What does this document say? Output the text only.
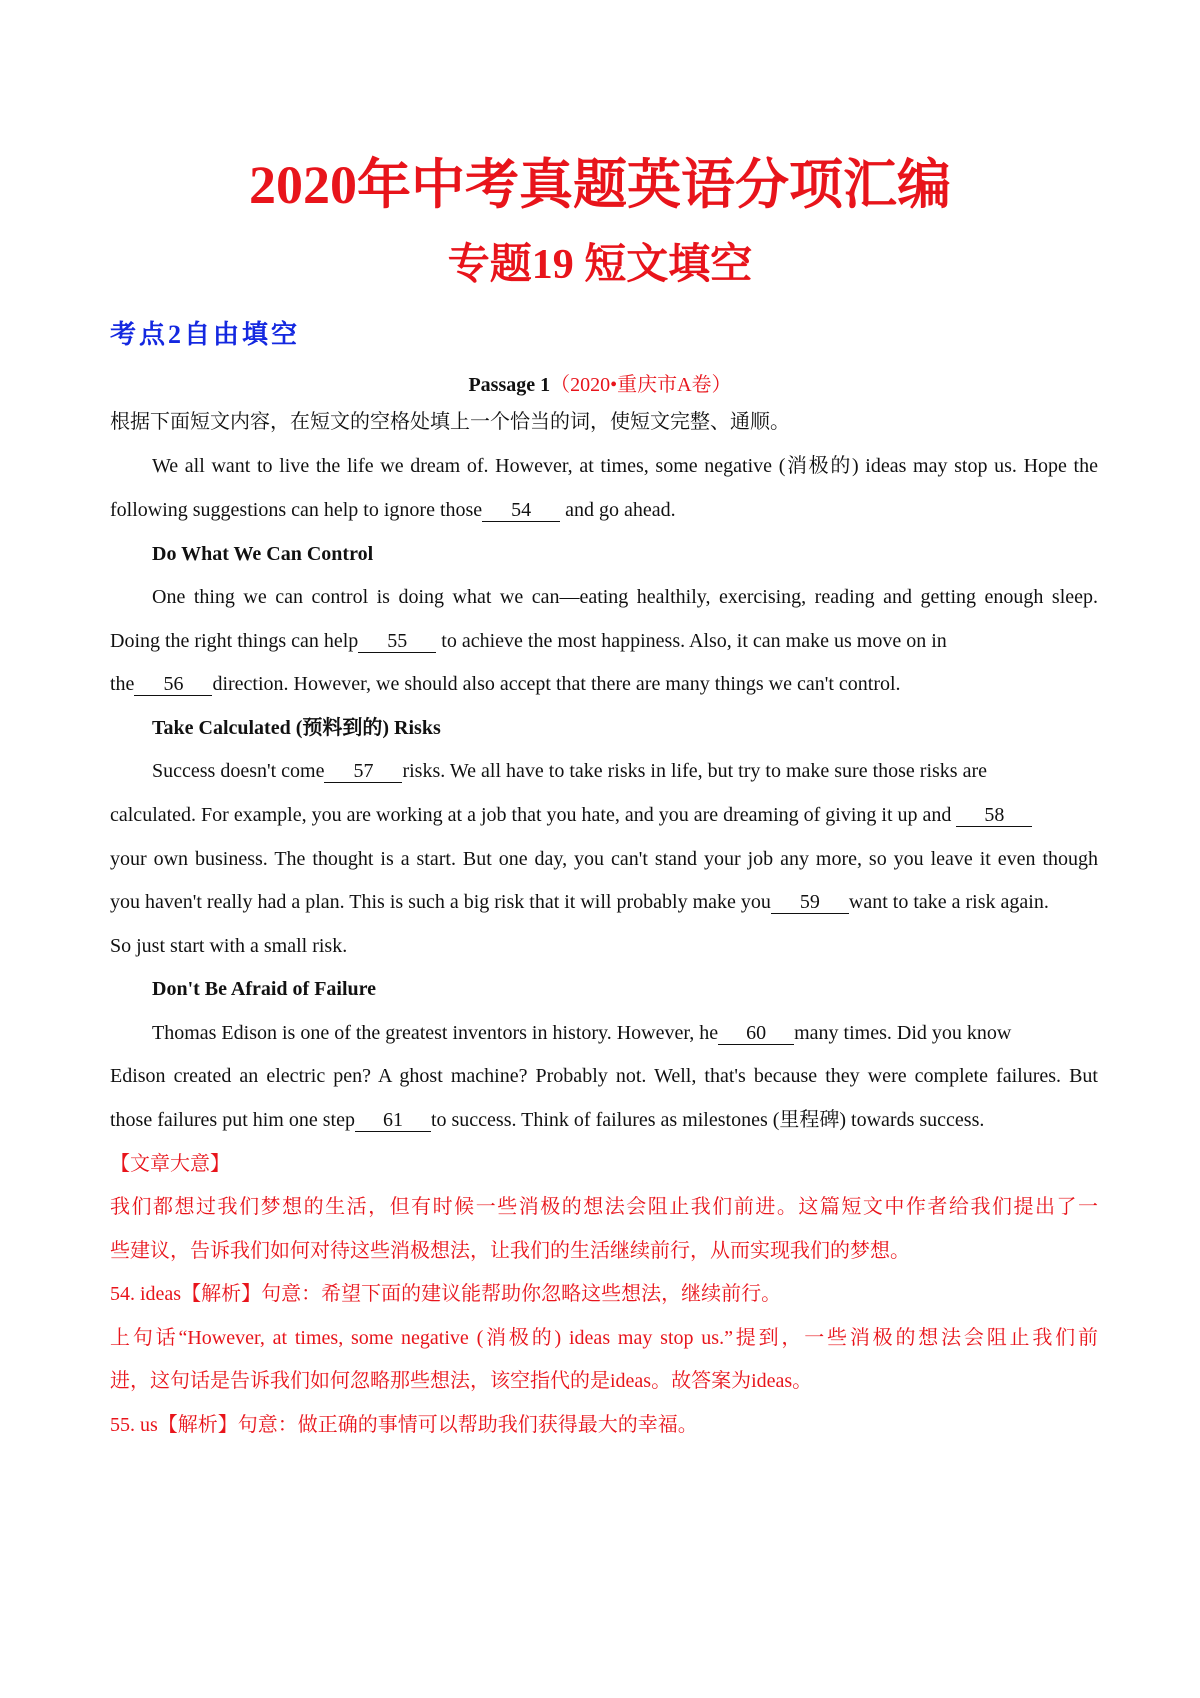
2020年中考真题英语分项汇编
专题19 短文填空
考点2自由填空
Passage 1（2020•重庆市A卷）
根据下面短文内容，在短文的空格处填上一个恰当的词，使短文完整、通顺。
We all want to live the life we dream of. However, at times, some negative (消极的) ideas may stop us. Hope the
following suggestions can help to ignore those 54 and go ahead.
Do What We Can Control
One thing we can control is doing what we can—eating healthily, exercising, reading and getting enough sleep.
Doing the right things can help 55 to achieve the most happiness. Also, it can make us move on in
the 56 direction. However, we should also accept that there are many things we can't control.
Take Calculated (预料到的) Risks
Success doesn't come 57 risks. We all have to take risks in life, but try to make sure those risks are
calculated. For example, you are working at a job that you hate, and you are dreaming of giving it up and 58
your own business. The thought is a start. But one day, you can't stand your job any more, so you leave it even though
you haven't really had a plan. This is such a big risk that it will probably make you 59 want to take a risk again.
So just start with a small risk.
Don't Be Afraid of Failure
Thomas Edison is one of the greatest inventors in history. However, he 60 many times. Did you know
Edison created an electric pen? A ghost machine? Probably not. Well, that's because they were complete failures. But
those failures put him one step 61 to success. Think of failures as milestones (里程碑) towards success.
【文章大意】
我们都想过我们梦想的生活，但有时候一些消极的想法会阻止我们前进。这篇短文中作者给我们提出了一
些建议，告诉我们如何对待这些消极想法，让我们的生活继续前行，从而实现我们的梦想。
54. ideas【解析】句意：希望下面的建议能帮助你忽略这些想法，继续前行。
上句话“However, at times, some negative (消极的) ideas may stop us.”提到，一些消极的想法会阻止我们前
进，这句话是告诉我们如何忽略那些想法，该空指代的是ideas。故答案为ideas。
55. us【解析】句意：做正确的事情可以帮助我们获得最大的幸福。
